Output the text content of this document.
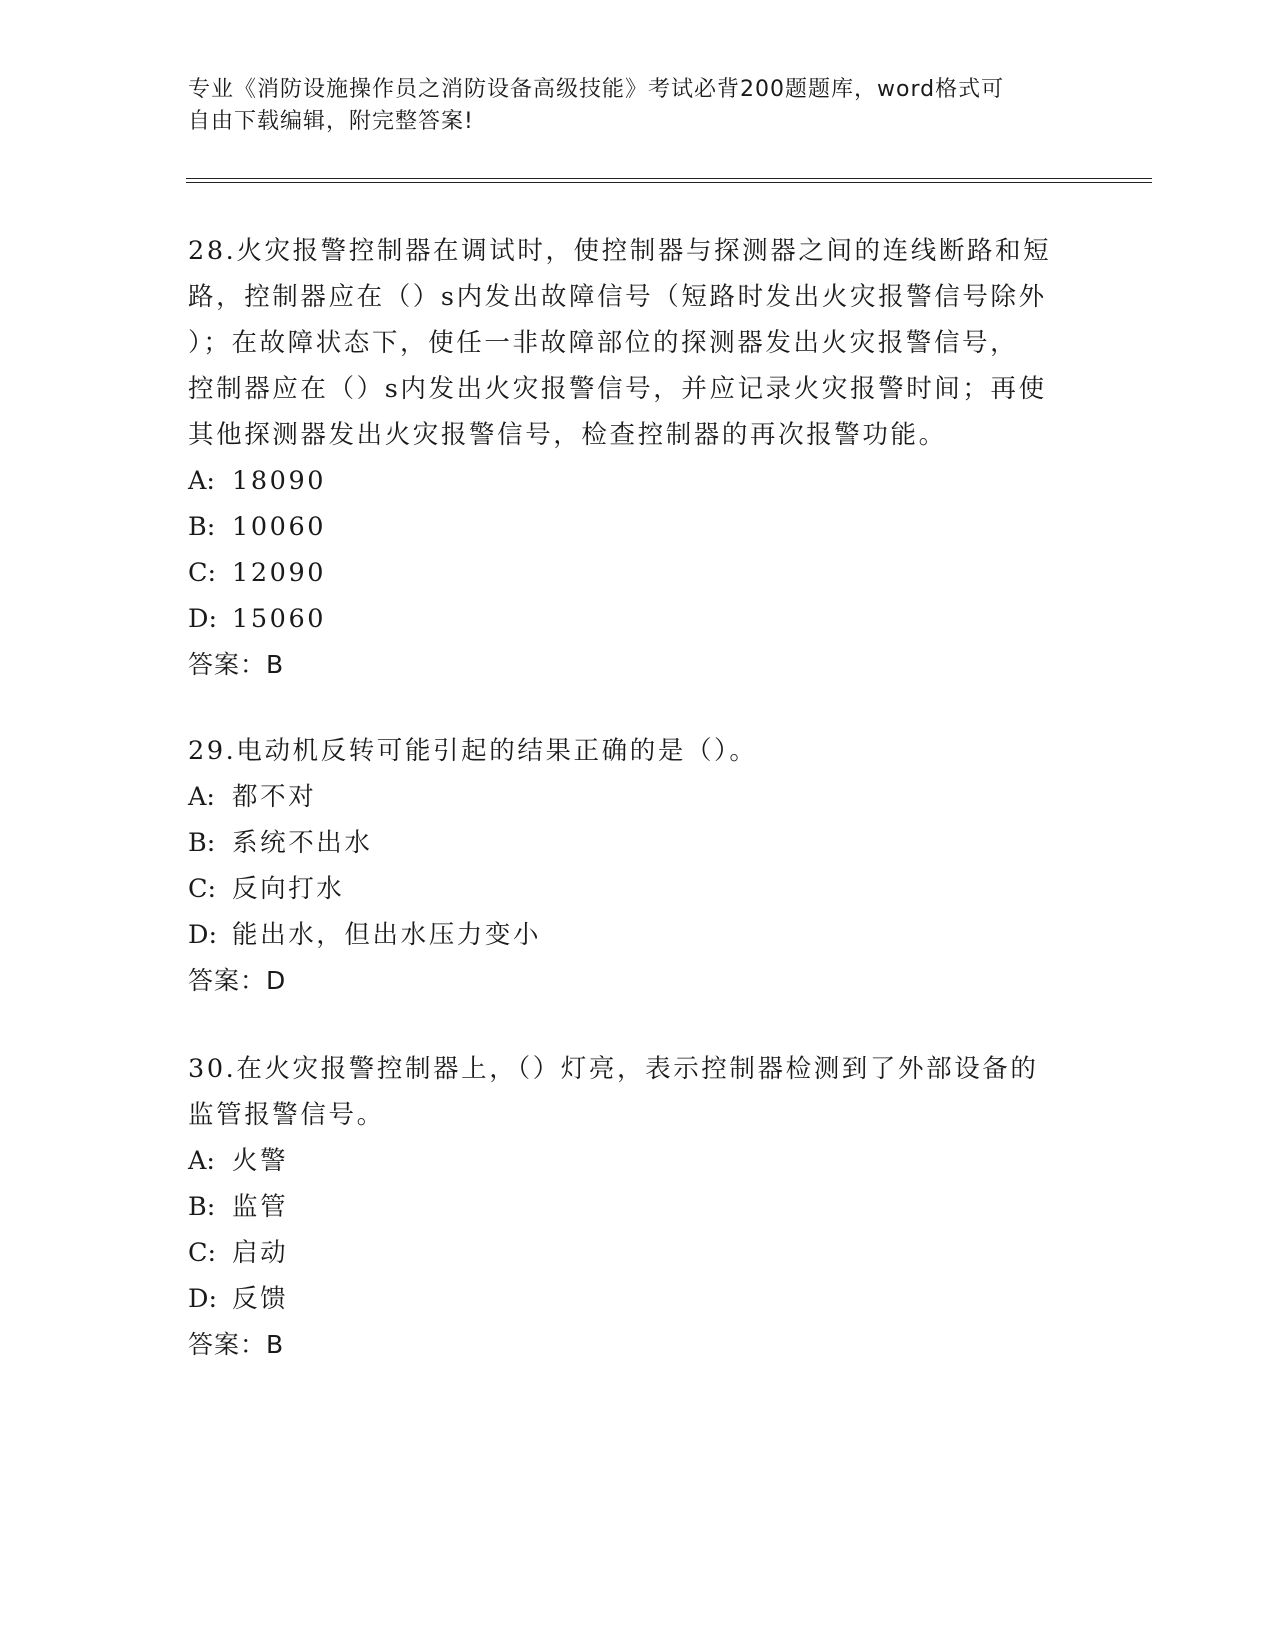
专业《消防设施操作员之消防设备高级技能》考试必背200题题库，word格式可
自由下载编辑，附完整答案!
28.火灾报警控制器在调试时，使控制器与探测器之间的连线断路和短
路，控制器应在（）s内发出故障信号（短路时发出火灾报警信号除外
）；在故障状态下，使任一非故障部位的探测器发出火灾报警信号，
控制器应在（）s内发出火灾报警信号，并应记录火灾报警时间；再使
其他探测器发出火灾报警信号，检查控制器的再次报警功能。
A: 18090
B: 10060
C: 12090
D: 15060
答案：B
29.电动机反转可能引起的结果正确的是（）。
A: 都不对
B: 系统不出水
C: 反向打水
D: 能出水，但出水压力变小
答案：D
30.在火灾报警控制器上，（）灯亮，表示控制器检测到了外部设备的
监管报警信号。
A: 火警
B: 监管
C: 启动
D: 反馈
答案：B
